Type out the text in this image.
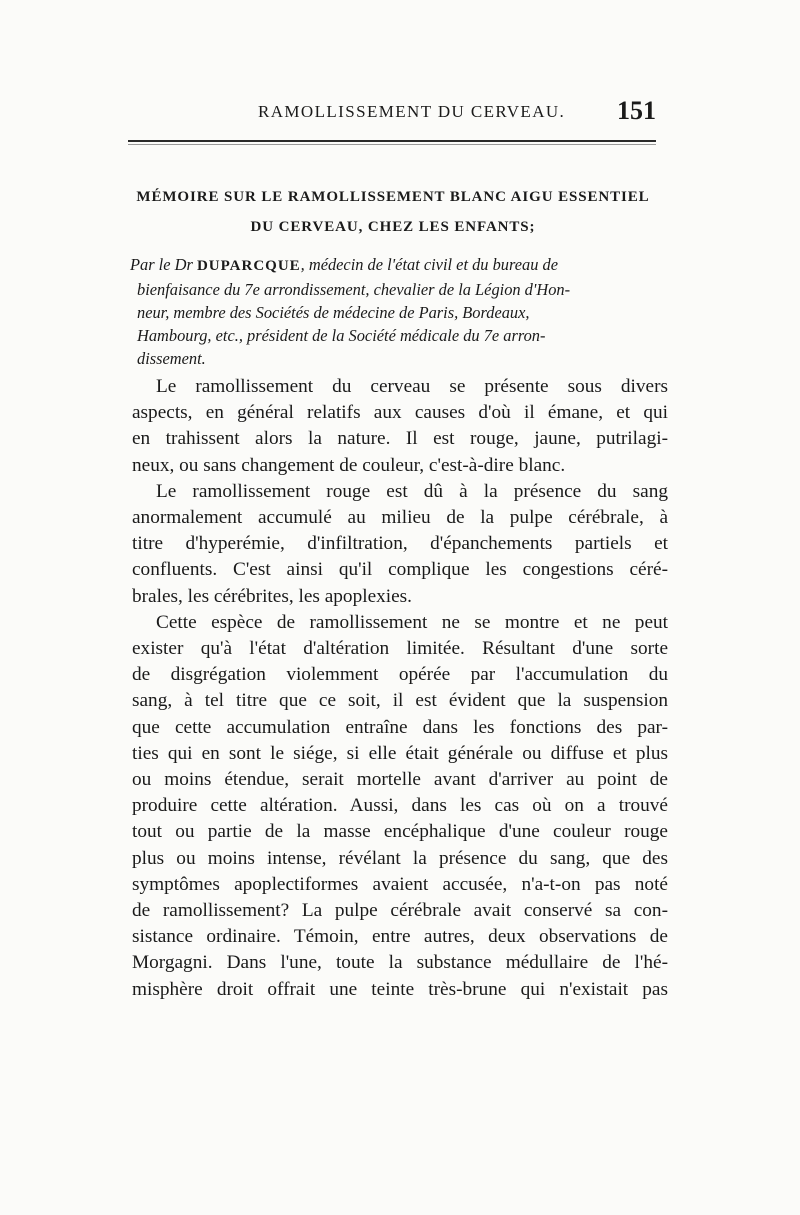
RAMOLLISSEMENT DU CERVEAU. 151
MÉMOIRE SUR LE RAMOLLISSEMENT BLANC AIGU ESSENTIEL
DU CERVEAU, CHEZ LES ENFANTS;
Par le Dr DUPARCQUE, médecin de l'état civil et du bureau de
bienfaisance du 7e arrondissement, chevalier de la Légion d'Hon-
neur, membre des Sociétés de médecine de Paris, Bordeaux,
Hambourg, etc., président de la Société médicale du 7e arron-
dissement.
Le ramollissement du cerveau se présente sous divers
aspects, en général relatifs aux causes d'où il émane, et qui
en trahissent alors la nature. Il est rouge, jaune, putrilagi-
neux, ou sans changement de couleur, c'est-à-dire blanc.
Le ramollissement rouge est dû à la présence du sang
anormalement accumulé au milieu de la pulpe cérébrale, à
titre d'hyperémie, d'infiltration, d'épanchements partiels et
confluents. C'est ainsi qu'il complique les congestions céré-
brales, les cérébrites, les apoplexies.
Cette espèce de ramollissement ne se montre et ne peut
exister qu'à l'état d'altération limitée. Résultant d'une sorte
de disgrégation violemment opérée par l'accumulation du
sang, à tel titre que ce soit, il est évident que la suspension
que cette accumulation entraîne dans les fonctions des par-
ties qui en sont le siége, si elle était générale ou diffuse et plus
ou moins étendue, serait mortelle avant d'arriver au point de
produire cette altération. Aussi, dans les cas où on a trouvé
tout ou partie de la masse encéphalique d'une couleur rouge
plus ou moins intense, révélant la présence du sang, que des
symptômes apoplectiformes avaient accusée, n'a-t-on pas noté
de ramollissement? La pulpe cérébrale avait conservé sa con-
sistance ordinaire. Témoin, entre autres, deux observations de
Morgagni. Dans l'une, toute la substance médullaire de l'hé-
misphère droit offrait une teinte très-brune qui n'existait pas
